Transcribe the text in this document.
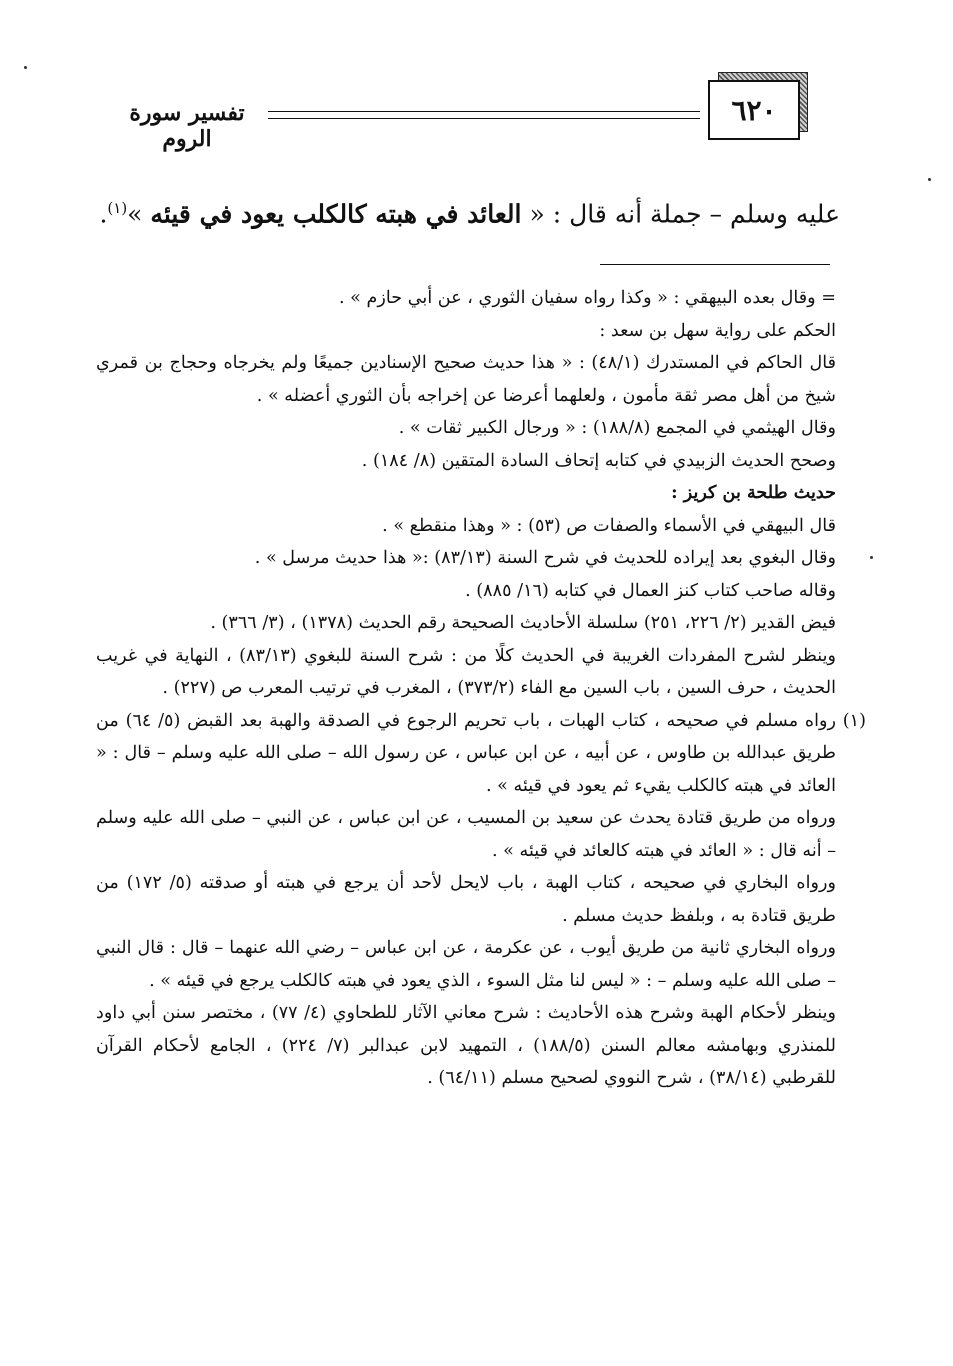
٦٢٠
تفسير سورة الروم
عليه وسلم – جملة أنه قال : « العائد في هبته كالكلب يعود في قيئه »$^{(١)}$.

= وقال بعده البيهقي : « وكذا رواه سفيان الثوري ، عن أبي حازم » .

الحكم على رواية سهل بن سعد :

قال الحاكم في المستدرك (٤٨/١) : « هذا حديث صحيح الإسنادين جميعًا ولم يخرجاه وحجاج بن قمري شيخ من أهل مصر ثقة مأمون ، ولعلهما أعرضا عن إخراجه بأن الثوري أعضله » .

وقال الهيثمي في المجمع (١٨٨/٨) : « ورجال الكبير ثقات » .

وصحح الحديث الزبيدي في كتابه إتحاف السادة المتقين (٨/ ١٨٤) .

حديث طلحة بن كريز :

قال البيهقي في الأسماء والصفات ص (٥٣) : « وهذا منقطع » .

وقال البغوي بعد إيراده للحديث في شرح السنة (٨٣/١٣) :« هذا حديث مرسل » .

وقاله صاحب كتاب كنز العمال في كتابه (١٦/ ٨٨٥) .

فيض القدير (٢/ ٢٢٦، ٢٥١) سلسلة الأحاديث الصحيحة رقم الحديث (١٣٧٨) ، (٣/ ٣٦٦) .

وينظر لشرح المفردات الغريبة في الحديث كلًا من : شرح السنة للبغوي (٨٣/١٣) ، النهاية في غريب الحديث ، حرف السين ، باب السين مع الفاء (٣٧٣/٢) ، المغرب في ترتيب المعرب ص (٢٢٧) .

(١)
رواه مسلم في صحيحه ، كتاب الهبات ، باب تحريم الرجوع في الصدقة والهبة بعد القبض (٥/ ٦٤) من طريق عبدالله بن طاوس ، عن أبيه ، عن ابن عباس ، عن رسول الله – صلى الله عليه وسلم – قال : « العائد في هبته كالكلب يقيء ثم يعود في قيئه » .

ورواه من طريق قتادة يحدث عن سعيد بن المسيب ، عن ابن عباس ، عن النبي – صلى الله عليه وسلم – أنه قال : « العائد في هبته كالعائد في قيئه » .

ورواه البخاري في صحيحه ، كتاب الهبة ، باب لايحل لأحد أن يرجع في هبته أو صدقته (٥/ ١٧٢) من طريق قتادة به ، وبلفظ حديث مسلم .

ورواه البخاري ثانية من طريق أيوب ، عن عكرمة ، عن ابن عباس – رضي الله عنهما – قال : قال النبي – صلى الله عليه وسلم – : « ليس لنا مثل السوء ، الذي يعود في هبته كالكلب يرجع في قيئه » .

وينظر لأحكام الهبة وشرح هذه الأحاديث : شرح معاني الآثار للطحاوي (٤/ ٧٧) ، مختصر سنن أبي داود للمنذري وبهامشه معالم السنن (١٨٨/٥) ، التمهيد لابن عبدالبر (٧/ ٢٢٤) ، الجامع لأحكام القرآن للقرطبي (٣٨/١٤) ، شرح النووي لصحيح مسلم (٦٤/١١) .
